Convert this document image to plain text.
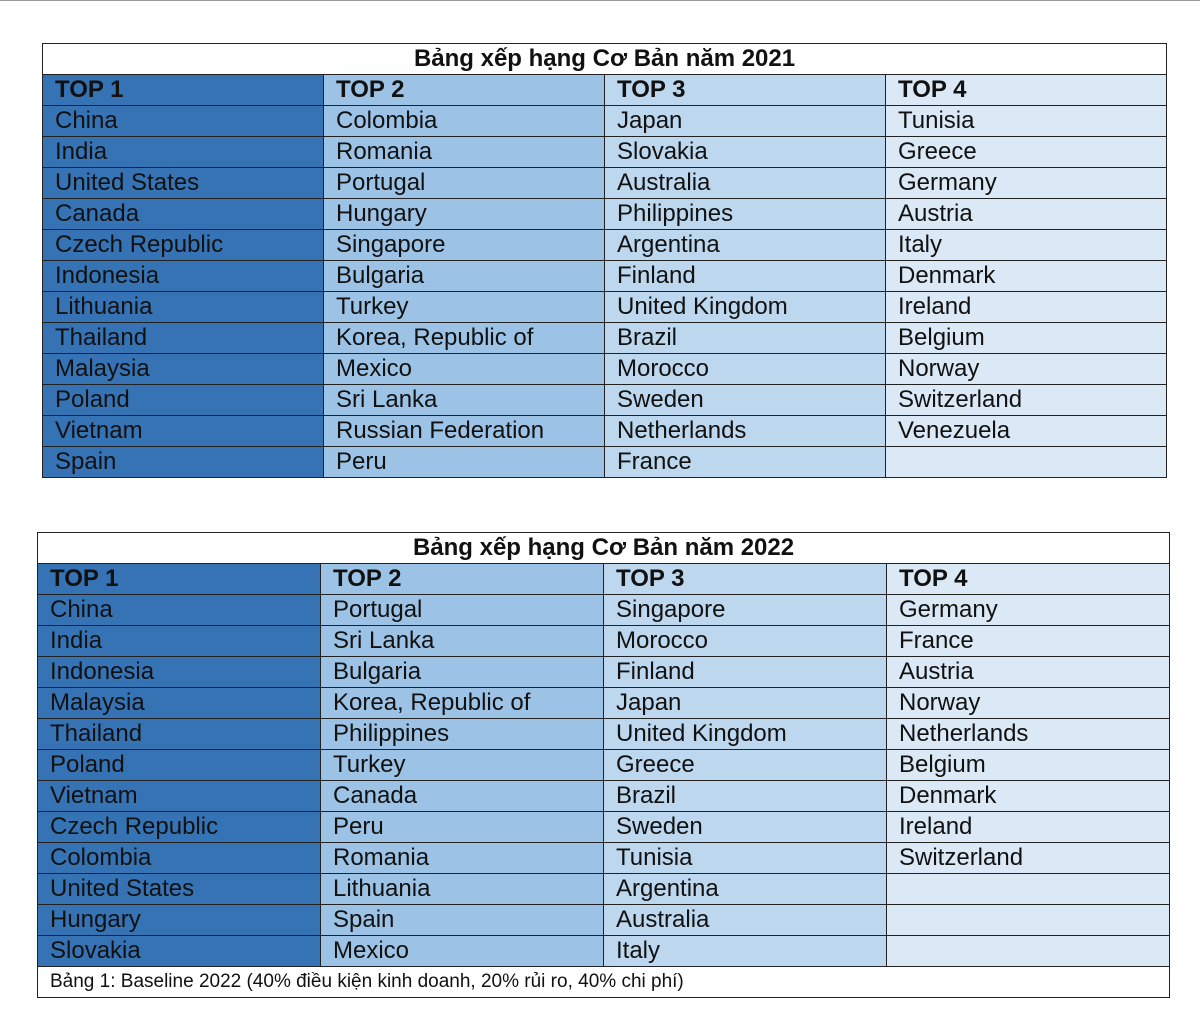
Bảng xếp hạng Cơ Bản năm 2021			
TOP 1	TOP 2	TOP 3	TOP 4
China	Colombia	Japan	Tunisia
India	Romania	Slovakia	Greece
United States	Portugal	Australia	Germany
Canada	Hungary	Philippines	Austria
Czech Republic	Singapore	Argentina	Italy
Indonesia	Bulgaria	Finland	Denmark
Lithuania	Turkey	United Kingdom	Ireland
Thailand	Korea, Republic of	Brazil	Belgium
Malaysia	Mexico	Morocco	Norway
Poland	Sri Lanka	Sweden	Switzerland
Vietnam	Russian Federation	Netherlands	Venezuela
Spain	Peru	France	
Bảng xếp hạng Cơ Bản năm 2022			
TOP 1	TOP 2	TOP 3	TOP 4
China	Portugal	Singapore	Germany
India	Sri Lanka	Morocco	France
Indonesia	Bulgaria	Finland	Austria
Malaysia	Korea, Republic of	Japan	Norway
Thailand	Philippines	United Kingdom	Netherlands
Poland	Turkey	Greece	Belgium
Vietnam	Canada	Brazil	Denmark
Czech Republic	Peru	Sweden	Ireland
Colombia	Romania	Tunisia	Switzerland
United States	Lithuania	Argentina	
Hungary	Spain	Australia	
Slovakia	Mexico	Italy	
Bảng 1: Baseline 2022 (40% điều kiện kinh doanh, 20% rủi ro, 40% chi phí)			
